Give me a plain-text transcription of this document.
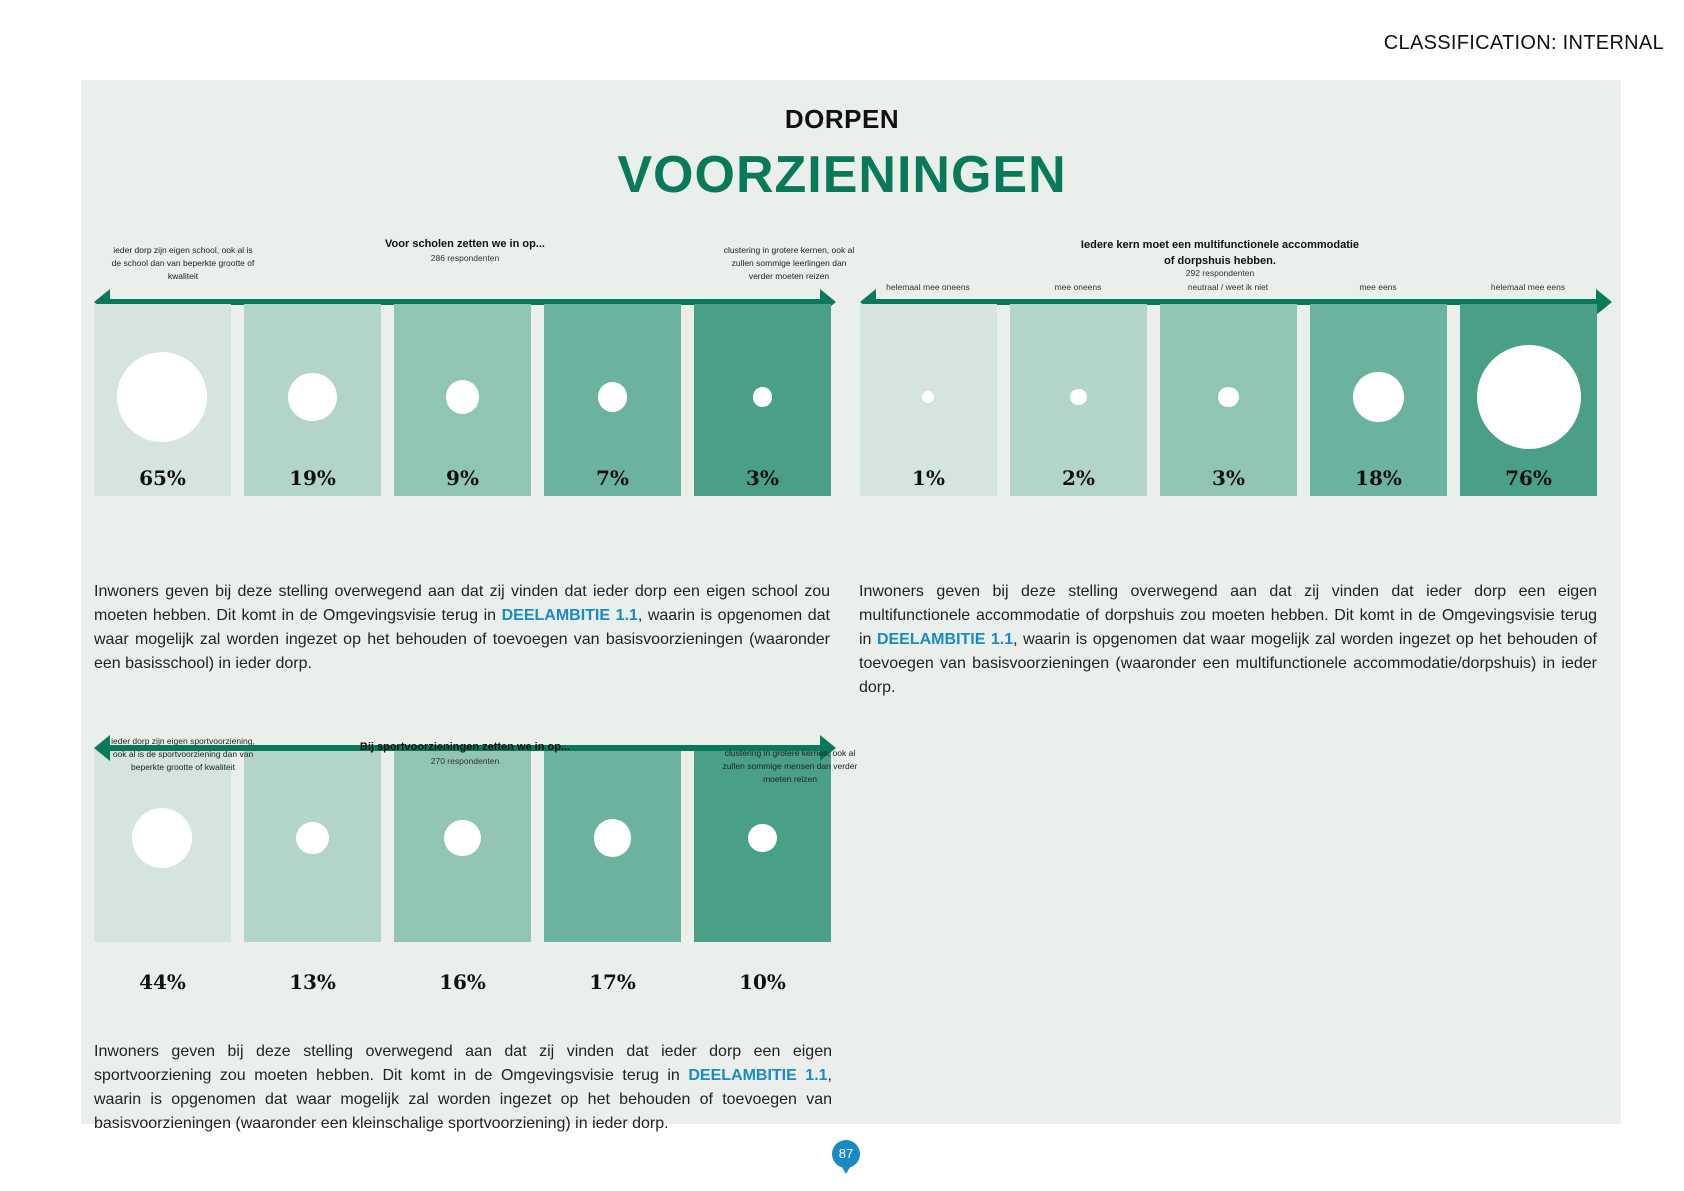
CLASSIFICATION: INTERNAL
DORPEN
VOORZIENINGEN
ieder dorp zijn eigen school, ook al is de school dan van beperkte grootte of kwaliteit
Voor scholen zetten we in op...
286 respondenten
clustering in grotere kernen, ook al zullen sommige leerlingen dan verder moeten reizen
65%	19%	9%	7%	3%
Iedere kern moet een multifunctionele accommodatie of dorpshuis hebben.
292 respondenten
helemaal mee oneens	mee oneens	neutraal / weet ik niet	mee eens	helemaal mee eens
1%	2%	3%	18%	76%
44%	13%	16%	17%	10%
ieder dorp zijn eigen sportvoorziening, ook al is de sportvoorziening dan van beperkte grootte of kwaliteit
Bij sportvoorzieningen zetten we in op...
270 respondenten
clustering in grotere kernen, ook al zullen sommige mensen dan verder moeten reizen

Inwoners geven bij deze stelling overwegend aan dat zij vinden dat ieder dorp een eigen school zou moeten hebben. Dit komt in de Omgevingsvisie terug in DEELAMBITIE 1.1, waarin is opgenomen dat waar mogelijk zal worden ingezet op het behouden of toevoegen van basisvoorzieningen (waaronder een basisschool) in ieder dorp.

Inwoners geven bij deze stelling overwegend aan dat zij vinden dat ieder dorp een eigen multifunctionele accommodatie of dorpshuis zou moeten hebben. Dit komt in de Omgevingsvisie terug in DEELAMBITIE 1.1, waarin is opgenomen dat waar mogelijk zal worden ingezet op het behouden of toevoegen van basisvoorzieningen (waaronder een multifunctionele accommodatie/dorpshuis) in ieder dorp.

Inwoners geven bij deze stelling overwegend aan dat zij vinden dat ieder dorp een eigen sportvoorziening zou moeten hebben. Dit komt in de Omgevingsvisie terug in DEELAMBITIE 1.1, waarin is opgenomen dat waar mogelijk zal worden ingezet op het behouden of toevoegen van basisvoorzieningen (waaronder een kleinschalige sportvoorziening) in ieder dorp.

87
